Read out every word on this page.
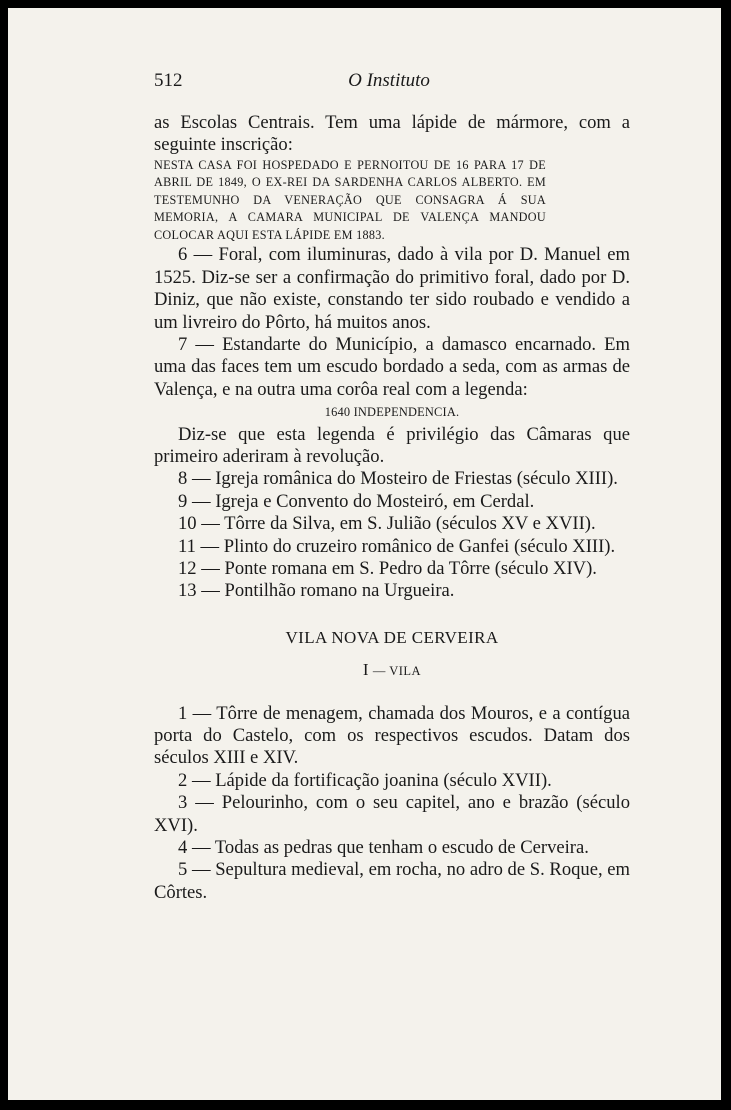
512	O Instituto

as Escolas Centrais. Tem uma lápide de mármore, com a seguinte inscrição:

NESTA CASA FOI HOSPEDADO E PERNOITOU DE 16 PARA 17 DE ABRIL DE 1849, O EX-REI DA SARDENHA CARLOS ALBERTO. EM TESTEMUNHO DA VENERAÇÃO QUE CONSAGRA Á SUA MEMORIA, A CAMARA MUNICIPAL DE VALENÇA MANDOU COLOCAR AQUI ESTA LÁPIDE EM 1883.

6 — Foral, com iluminuras, dado à vila por D. Manuel em 1525. Diz-se ser a confirmação do primitivo foral, dado por D. Diniz, que não existe, constando ter sido roubado e vendido a um livreiro do Pôrto, há muitos anos.

7 — Estandarte do Município, a damasco encarnado. Em uma das faces tem um escudo bordado a seda, com as armas de Valença, e na outra uma corôa real com a legenda:

1640 INDEPENDENCIA.

Diz-se que esta legenda é privilégio das Câmaras que primeiro aderiram à revolução.

8 — Igreja românica do Mosteiro de Friestas (século XIII).
9 — Igreja e Convento do Mosteiró, em Cerdal.
10 — Tôrre da Silva, em S. Julião (séculos XV e XVII).
11 — Plinto do cruzeiro românico de Ganfei (século XIII).
12 — Ponte romana em S. Pedro da Tôrre (século XIV).
13 — Pontilhão romano na Urgueira.
VILA NOVA DE CERVEIRA
I — VILA

1 — Tôrre de menagem, chamada dos Mouros, e a contígua porta do Castelo, com os respectivos escudos. Datam dos séculos XIII e XIV.

2 — Lápide da fortificação joanina (século XVII).

3 — Pelourinho, com o seu capitel, ano e brazão (século XVI).

4 — Todas as pedras que tenham o escudo de Cerveira.

5 — Sepultura medieval, em rocha, no adro de S. Roque, em Côrtes.
